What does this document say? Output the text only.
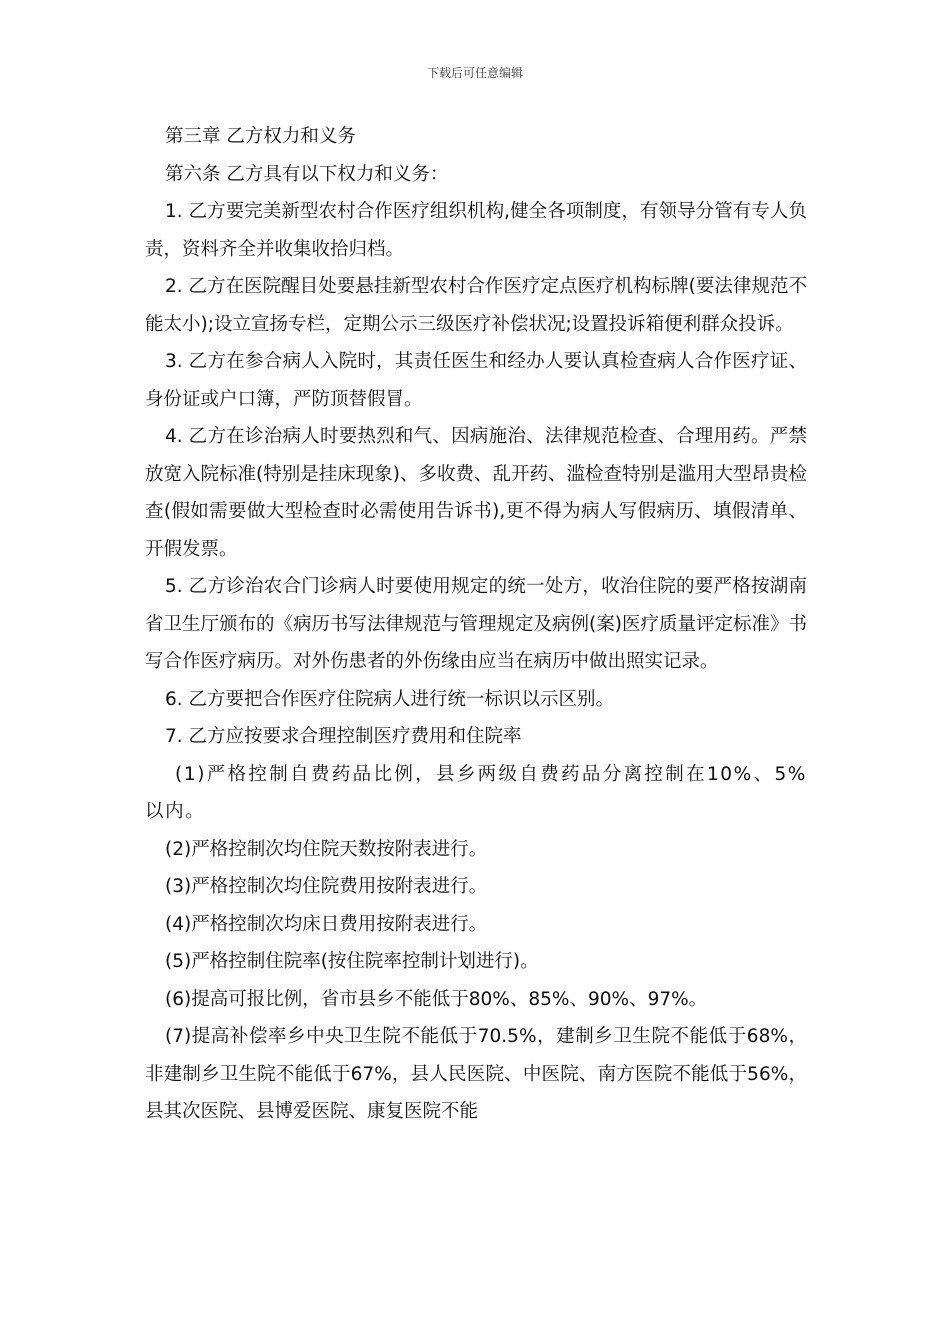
下载后可任意编辑

第三章 乙方权力和义务

第六条 乙方具有以下权力和义务：

1. 乙方要完美新型农村合作医疗组织机构,健全各项制度，有领导分管有专人负责，资料齐全并收集收拾归档。

2. 乙方在医院醒目处要悬挂新型农村合作医疗定点医疗机构标牌(要法律规范不能太小);设立宣扬专栏，定期公示三级医疗补偿状况;设置投诉箱便利群众投诉。

3. 乙方在参合病人入院时，其责任医生和经办人要认真检查病人合作医疗证、身份证或户口簿，严防顶替假冒。

4. 乙方在诊治病人时要热烈和气、因病施治、法律规范检查、合理用药。严禁放宽入院标准(特别是挂床现象)、多收费、乱开药、滥检查特别是滥用大型昂贵检查(假如需要做大型检查时必需使用告诉书),更不得为病人写假病历、填假清单、开假发票。

5. 乙方诊治农合门诊病人时要使用规定的统一处方，收治住院的要严格按湖南省卫生厅颁布的《病历书写法律规范与管理规定及病例(案)医疗质量评定标准》书写合作医疗病历。对外伤患者的外伤缘由应当在病历中做出照实记录。

6. 乙方要把合作医疗住院病人进行统一标识以示区别。

7. 乙方应按要求合理控制医疗费用和住院率

(1)严格控制自费药品比例，县乡两级自费药品分离控制在10%、5%以内。

(2)严格控制次均住院天数按附表进行。

(3)严格控制次均住院费用按附表进行。

(4)严格控制次均床日费用按附表进行。

(5)严格控制住院率(按住院率控制计划进行)。

(6)提高可报比例，省市县乡不能低于80%、85%、90%、97%。

(7)提高补偿率乡中央卫生院不能低于70.5%，建制乡卫生院不能低于68%，非建制乡卫生院不能低于67%，县人民医院、中医院、南方医院不能低于56%，县其次医院、县博爱医院、康复医院不能
